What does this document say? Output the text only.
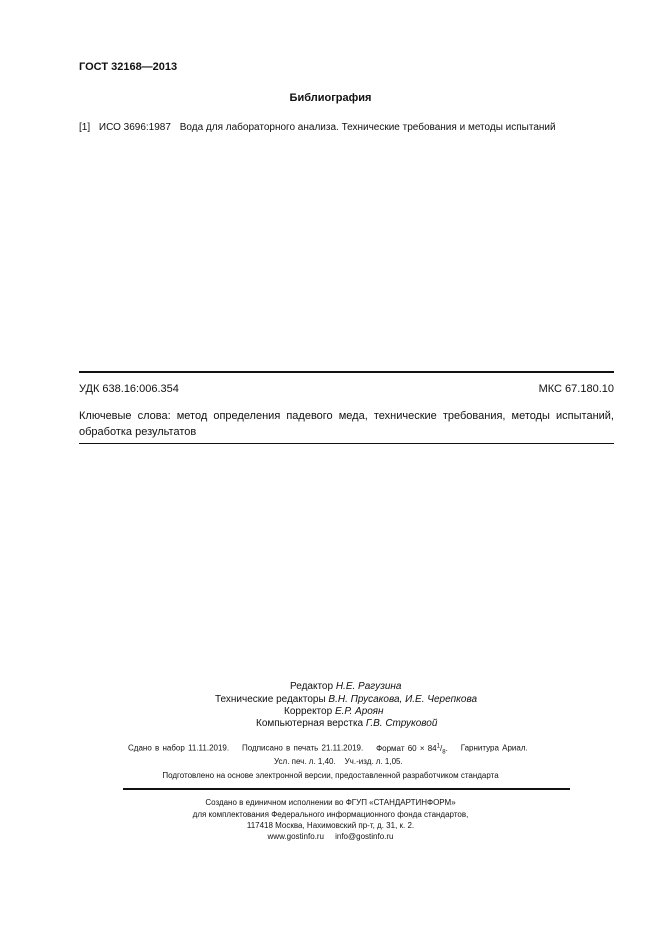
ГОСТ 32168—2013
Библиография
[1] ИСО 3696:1987 Вода для лабораторного анализа. Технические требования и методы испытаний
УДК 638.16:006.354	МКС 67.180.10
Ключевые слова: метод определения падевого меда, технические требования, методы испытаний, обработка результатов
Редактор Н.Е. Рагузина
Технические редакторы В.Н. Прусакова, И.Е. Черепкова
Корректор Е.Р. Ароян
Компьютерная верстка Г.В. Струковой
Сдано в набор 11.11.2019. Подписано в печать 21.11.2019. Формат $60 \times 84^1/_8$. Гарнитура Ариал.
Усл. печ. л. 1,40. Уч.-изд. л. 1,05.
Подготовлено на основе электронной версии, предоставленной разработчиком стандарта
Создано в единичном исполнении во ФГУП «СТАНДАРТИНФОРМ»
для комплектования Федерального информационного фонда стандартов,
117418 Москва, Нахимовский пр-т, д. 31, к. 2.
www.gostinfo.ru     info@gostinfo.ru
